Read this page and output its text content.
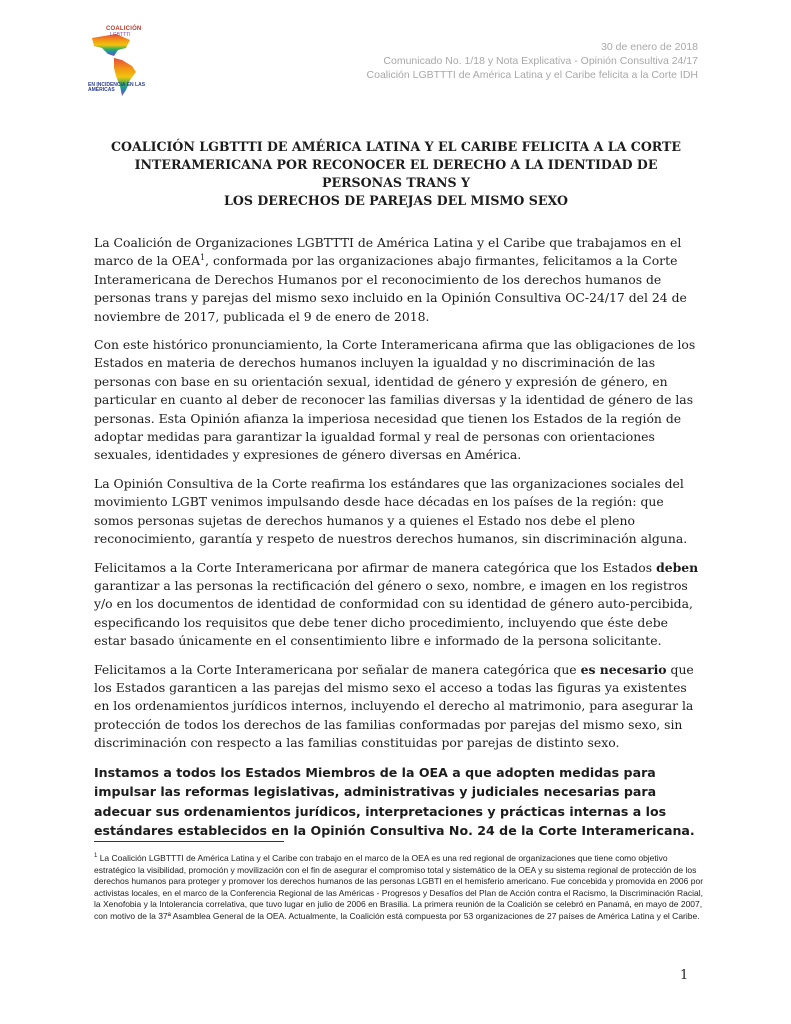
COALICIÓN
LGBTTTI
EN INCIDENCIA EN LAS AMÉRICAS
30 de enero de 2018
Comunicado No. 1/18 y Nota Explicativa - Opinión Consultiva 24/17
Coalición LGBTTTI de América Latina y el Caribe felicita a la Corte IDH
COALICIÓN LGBTTTI DE AMÉRICA LATINA Y EL CARIBE FELICITA A LA CORTE
INTERAMERICANA POR RECONOCER EL DERECHO A LA IDENTIDAD DE PERSONAS TRANS Y
LOS DERECHOS DE PAREJAS DEL MISMO SEXO

La Coalición de Organizaciones LGBTTTI de América Latina y el Caribe que trabajamos en el marco de la OEA$^1$, conformada por las organizaciones abajo firmantes, felicitamos a la Corte Interamericana de Derechos Humanos por el reconocimiento de los derechos humanos de personas trans y parejas del mismo sexo incluido en la Opinión Consultiva OC-24/17 del 24 de noviembre de 2017, publicada el 9 de enero de 2018.

Con este histórico pronunciamiento, la Corte Interamericana afirma que las obligaciones de los Estados en materia de derechos humanos incluyen la igualdad y no discriminación de las personas con base en su orientación sexual, identidad de género y expresión de género, en particular en cuanto al deber de reconocer las familias diversas y la identidad de género de las personas. Esta Opinión afianza la imperiosa necesidad que tienen los Estados de la región de adoptar medidas para garantizar la igualdad formal y real de personas con orientaciones sexuales, identidades y expresiones de género diversas en América.

La Opinión Consultiva de la Corte reafirma los estándares que las organizaciones sociales del movimiento LGBT venimos impulsando desde hace décadas en los países de la región: que somos personas sujetas de derechos humanos y a quienes el Estado nos debe el pleno reconocimiento, garantía y respeto de nuestros derechos humanos, sin discriminación alguna.

Felicitamos a la Corte Interamericana por afirmar de manera categórica que los Estados deben garantizar a las personas la rectificación del género o sexo, nombre, e imagen en los registros y/o en los documentos de identidad de conformidad con su identidad de género auto-percibida, especificando los requisitos que debe tener dicho procedimiento, incluyendo que éste debe estar basado únicamente en el consentimiento libre e informado de la persona solicitante.

Felicitamos a la Corte Interamericana por señalar de manera categórica que es necesario que los Estados garanticen a las parejas del mismo sexo el acceso a todas las figuras ya existentes en los ordenamientos jurídicos internos, incluyendo el derecho al matrimonio, para asegurar la protección de todos los derechos de las familias conformadas por parejas del mismo sexo, sin discriminación con respecto a las familias constituidas por parejas de distinto sexo.

Instamos a todos los Estados Miembros de la OEA a que adopten medidas para impulsar las reformas legislativas, administrativas y judiciales necesarias para adecuar sus ordenamientos jurídicos, interpretaciones y prácticas internas a los estándares establecidos en la Opinión Consultiva No. 24 de la Corte Interamericana.

$^1$ La Coalición LGBTTTI de América Latina y el Caribe con trabajo en el marco de la OEA es una red regional de organizaciones que tiene como objetivo estratégico la visibilidad, promoción y movilización con el fin de asegurar el compromiso total y sistemático de la OEA y su sistema regional de protección de los derechos humanos para proteger y promover los derechos humanos de las personas LGBTI en el hemisferio americano. Fue concebida y promovida en 2006 por activistas locales, en el marco de la Conferencia Regional de las Américas - Progresos y Desafíos del Plan de Acción contra el Racismo, la Discriminación Racial, la Xenofobia y la Intolerancia correlativa, que tuvo lugar en julio de 2006 en Brasilia. La primera reunión de la Coalición se celebró en Panamá, en mayo de 2007, con motivo de la 37ª Asamblea General de la OEA. Actualmente, la Coalición está compuesta por 53 organizaciones de 27 países de América Latina y el Caribe.
1
